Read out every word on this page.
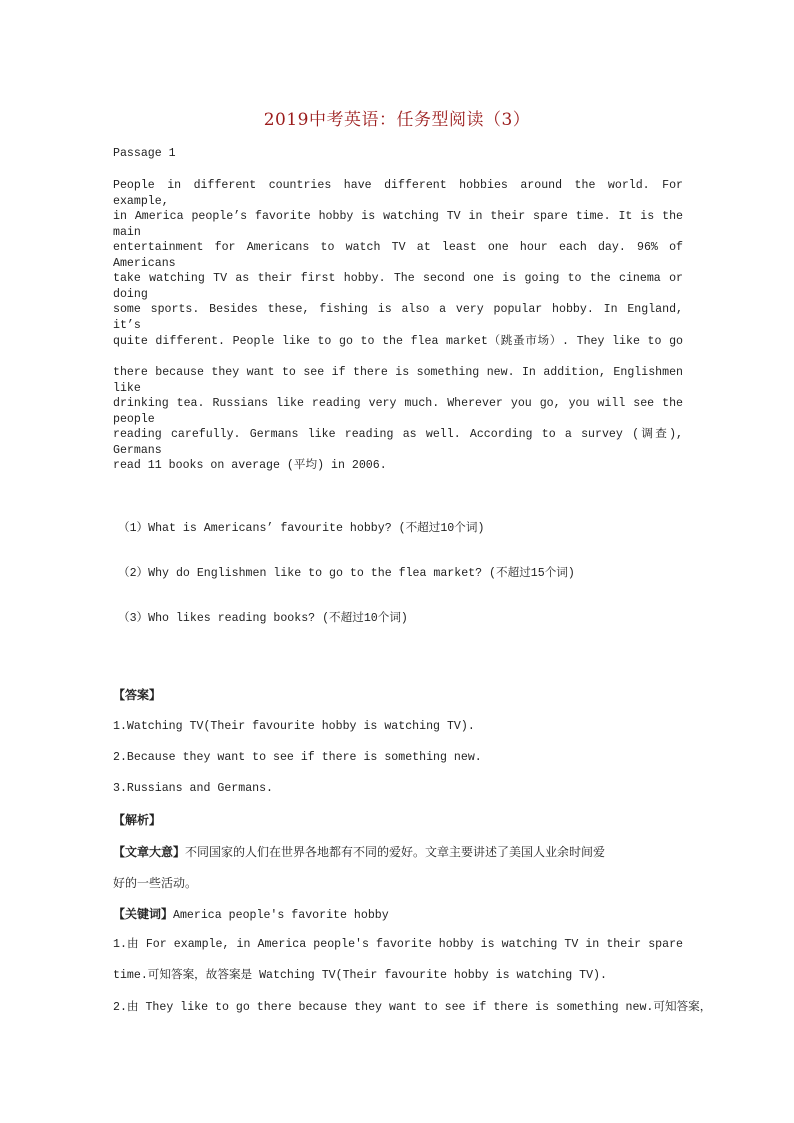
2019中考英语：任务型阅读（3）
Passage 1
People in different countries have different hobbies around the world. For example,
in America people’s favorite hobby is watching TV in their spare time. It is the main
entertainment for Americans to watch TV at least one hour each day. 96% of Americans
take watching TV as their first hobby. The second one is going to the cinema or doing
some sports. Besides these, fishing is also a very popular hobby. In England, it’s
quite different. People like to go to the flea market（跳蚤市场）. They like to go
there because they want to see if there is something new. In addition, Englishmen like
drinking tea. Russians like reading very much. Wherever you go, you will see the people
reading carefully. Germans like reading as well. According to a survey (调查), Germans
read 11 books on average (平均) in 2006.
（1）What is Americans’ favourite hobby? (不超过10个词)
（2）Why do Englishmen like to go to the flea market? (不超过15个词)
（3）Who likes reading books? (不超过10个词)
【答案】
1.Watching TV(Their favourite hobby is watching TV).
2.Because they want to see if there is something new.
3.Russians and Germans.
【解析】
【文章大意】不同国家的人们在世界各地都有不同的爱好。文章主要讲述了美国人业余时间爱
好的一些活动。
【关键词】America people's favorite hobby
1.由 For example, in America people's favorite hobby is watching TV in their spare
time.可知答案，故答案是 Watching TV(Their favourite hobby is watching TV).
2.由 They like to go there because they want to see if there is something new.可知答案，
